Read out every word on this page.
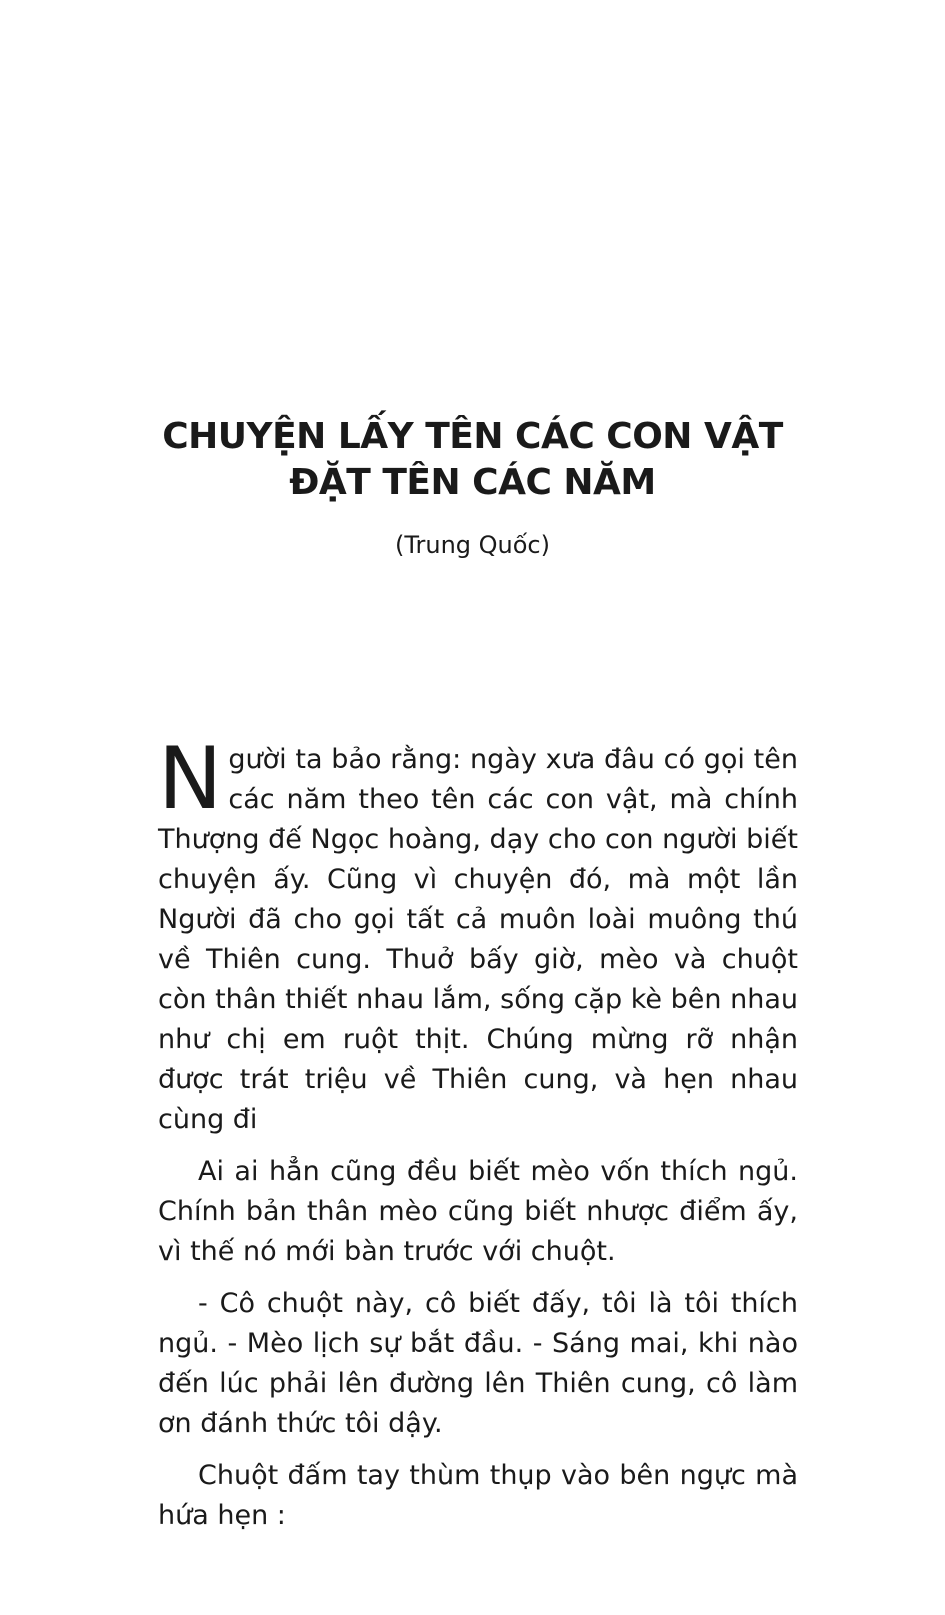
CHUYỆN LẤY TÊN CÁC CON VẬT
ĐẶT TÊN CÁC NĂM
(Trung Quốc)

Người ta bảo rằng: ngày xưa đâu có gọi tên các năm theo tên các con vật, mà chính Thượng đế Ngọc hoàng, dạy cho con người biết chuyện ấy. Cũng vì chuyện đó, mà một lần Người đã cho gọi tất cả muôn loài muông thú về Thiên cung. Thuở bấy giờ, mèo và chuột còn thân thiết nhau lắm, sống cặp kè bên nhau như chị em ruột thịt. Chúng mừng rỡ nhận được trát triệu về Thiên cung, và hẹn nhau cùng đi

Ai ai hẳn cũng đều biết mèo vốn thích ngủ. Chính bản thân mèo cũng biết nhược điểm ấy, vì thế nó mới bàn trước với chuột.

- Cô chuột này, cô biết đấy, tôi là tôi thích ngủ. - Mèo lịch sự bắt đầu. - Sáng mai, khi nào đến lúc phải lên đường lên Thiên cung, cô làm ơn đánh thức tôi dậy.

Chuột đấm tay thùm thụp vào bên ngực mà hứa hẹn :
